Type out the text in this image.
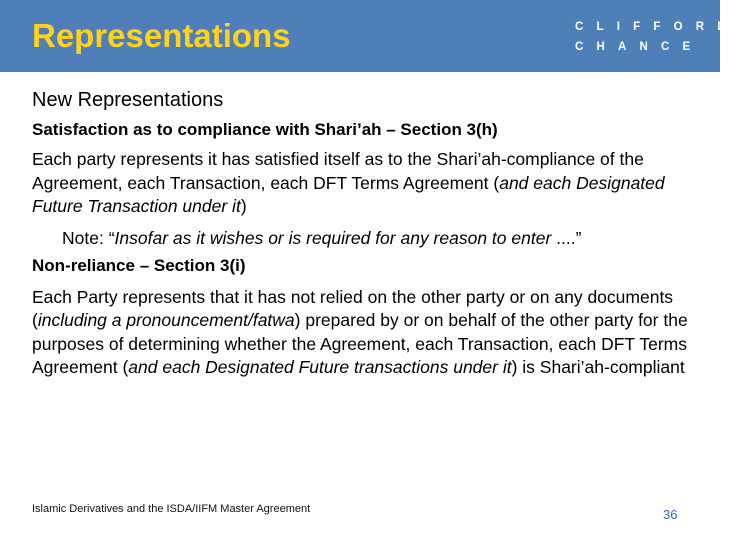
Representations	CLIFFORD
CHANCE

New Representations

Satisfaction as to compliance with Shari’ah – Section 3(h)

Each party represents it has satisfied itself as to the Shari’ah-compliance of the Agreement, each Transaction, each DFT Terms Agreement (and each Designated Future Transaction under it)

Note: “Insofar as it wishes or is required for any reason to enter ....”

Non-reliance – Section 3(i)

Each Party represents that it has not relied on the other party or on any documents (including a pronouncement/fatwa) prepared by or on behalf of the other party for the purposes of determining whether the Agreement, each Transaction, each DFT Terms Agreement (and each Designated Future transactions under it) is Shari’ah-compliant

Islamic Derivatives and the ISDA/IIFM Master Agreement	36
